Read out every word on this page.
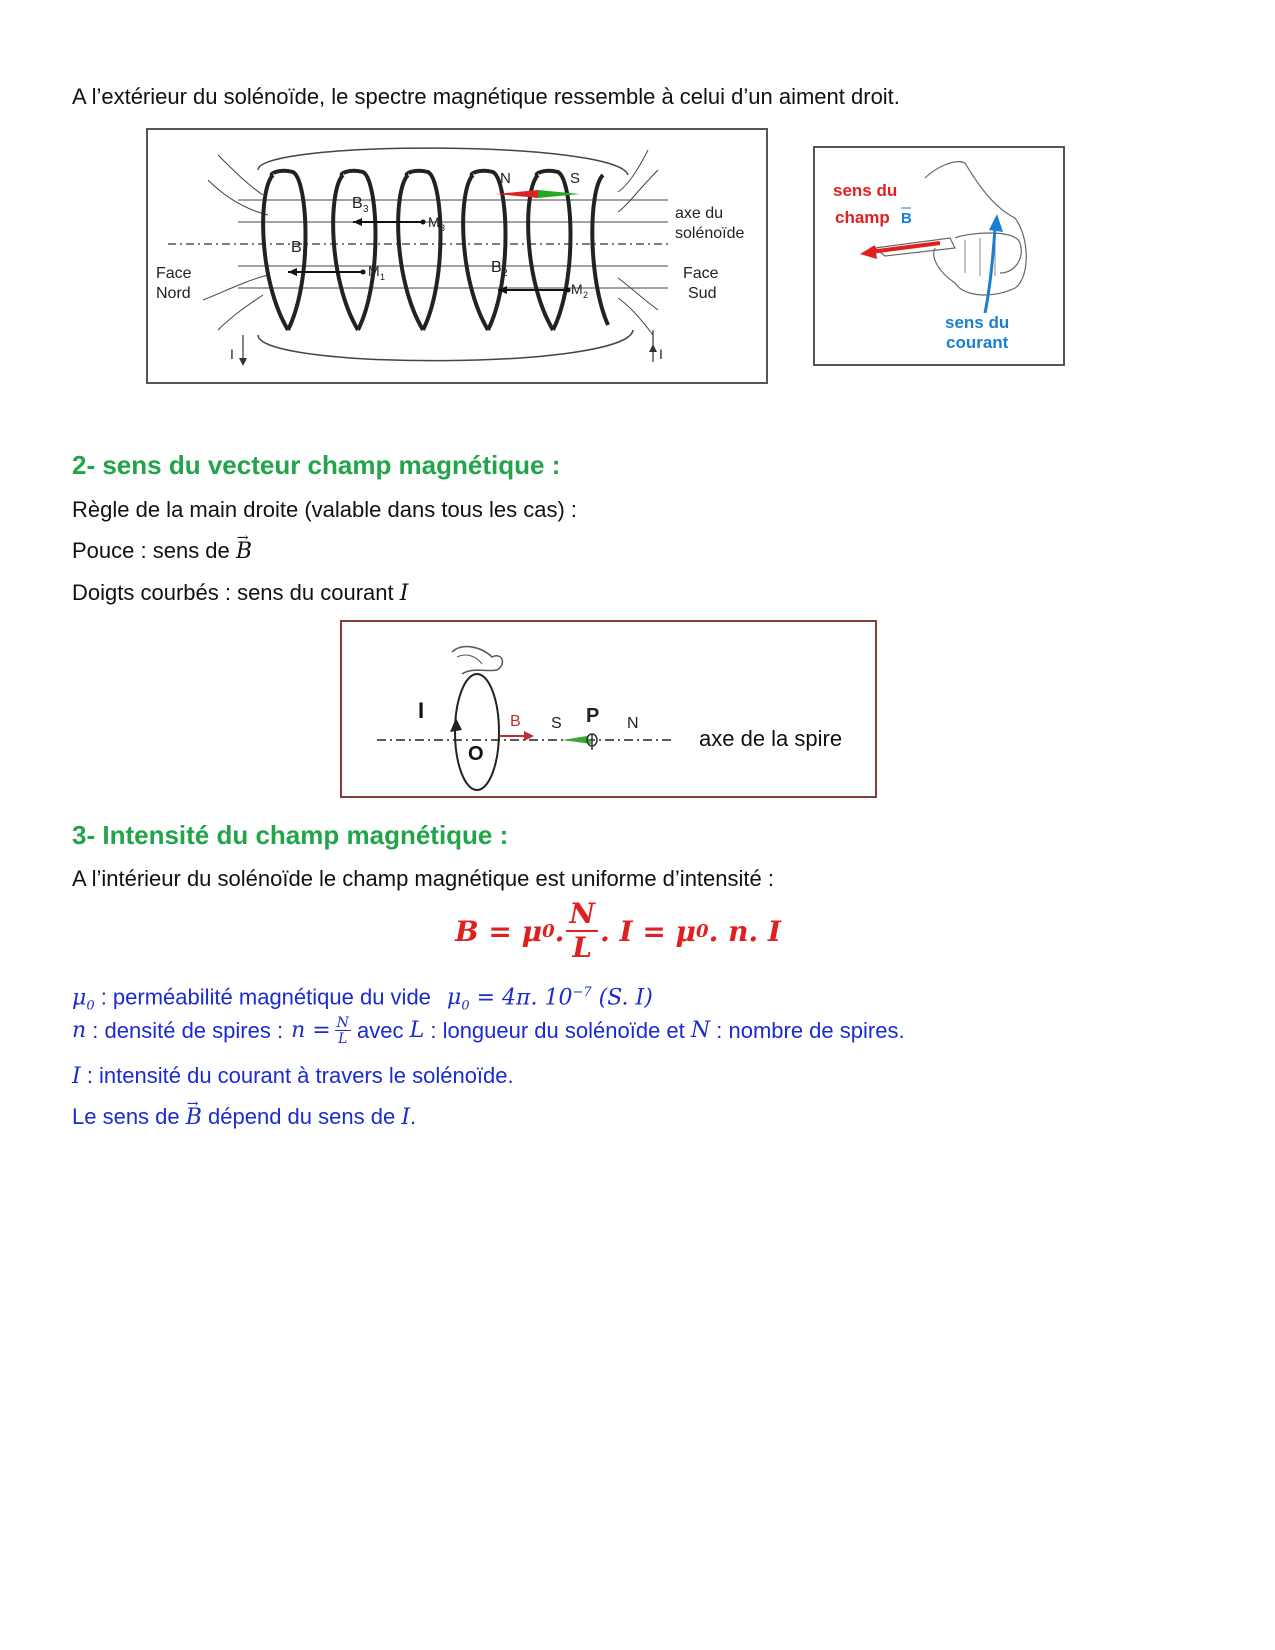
A l’extérieur du solénoïde, le spectre magnétique ressemble à celui d’un aiment droit.
Face
Nord
Face
Sud
axe du
solénoïde
N	S
B 3
B 1
B 2
M 3
M 1
M 2
I	I
sens du
champ B
sens du
courant
2- sens du vecteur champ magnétique :
Règle de la main droite (valable dans tous les cas) :
Pouce : sens de → B
Doigts courbés : sens du courant I
I
O
B S P N
axe de la spire
3- Intensité du champ magnétique :
A l’intérieur du solénoïde le champ magnétique est uniforme d’intensité :
B = μ 0 . $\frac{N}{L}$ . I = μ 0 . n. I
$\mu_0$ : perméabilité magnétique du vide $\mu_0 = 4\pi$. $10^{-7}$ (S. I)
n : densité de spires : $n = \frac{N}{L}$ avec L : longueur du solénoïde et N : nombre de spires.
I : intensité du courant à travers le solénoïde.
Le sens de → B dépend du sens de I.
